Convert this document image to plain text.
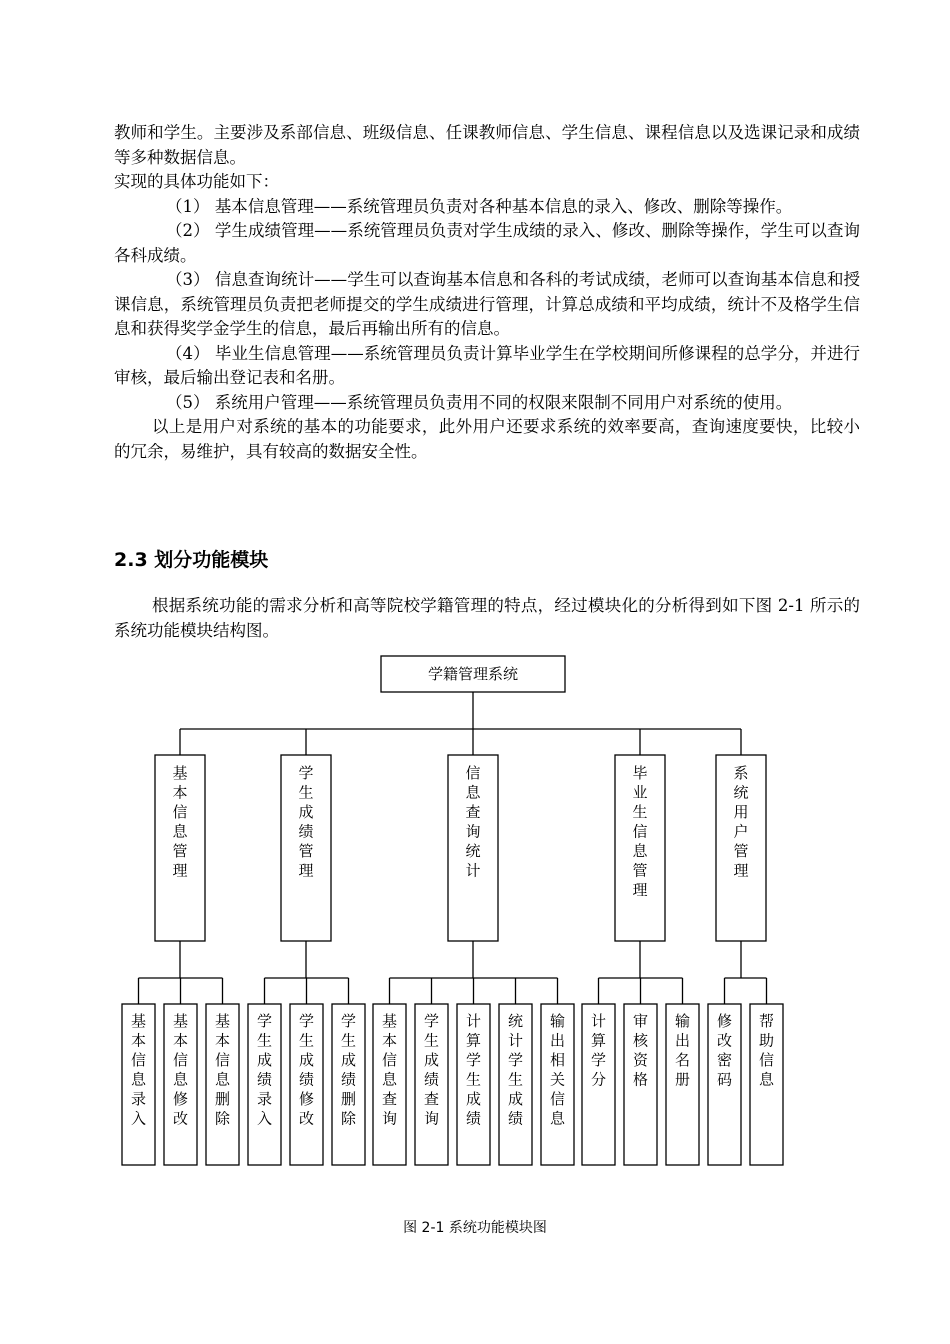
教师和学生。主要涉及系部信息、班级信息、任课教师信息、学生信息、课程信息以及选课记录和成绩等多种数据信息。

实现的具体功能如下：

（1） 基本信息管理——系统管理员负责对各种基本信息的录入、修改、删除等操作。

（2） 学生成绩管理——系统管理员负责对学生成绩的录入、修改、删除等操作，学生可以查询各科成绩。

（3） 信息查询统计——学生可以查询基本信息和各科的考试成绩，老师可以查询基本信息和授课信息，系统管理员负责把老师提交的学生成绩进行管理，计算总成绩和平均成绩，统计不及格学生信息和获得奖学金学生的信息，最后再输出所有的信息。

（4） 毕业生信息管理——系统管理员负责计算毕业学生在学校期间所修课程的总学分，并进行审核，最后输出登记表和名册。

（5） 系统用户管理——系统管理员负责用不同的权限来限制不同用户对系统的使用。

以上是用户对系统的基本的功能要求，此外用户还要求系统的效率要高，查询速度要快，比较小的冗余，易维护，具有较高的数据安全性。

2.3 划分功能模块

根据系统功能的需求分析和高等院校学籍管理的特点，经过模块化的分析得到如下图 2-1 所示的系统功能模块结构图。

学籍管理系统
基本信息管理
基本信息录入
基本信息修改
基本信息删除
学生成绩管理
学生成绩录入
学生成绩修改
学生成绩删除
信息查询统计
基本信息查询
学生成绩查询
计算学生成绩
统计学生成绩
输出相关信息
毕业生信息管理
计算学分
审核资格
输出名册
系统用户管理
修改密码
帮助信息

图 2-1 系统功能模块图
